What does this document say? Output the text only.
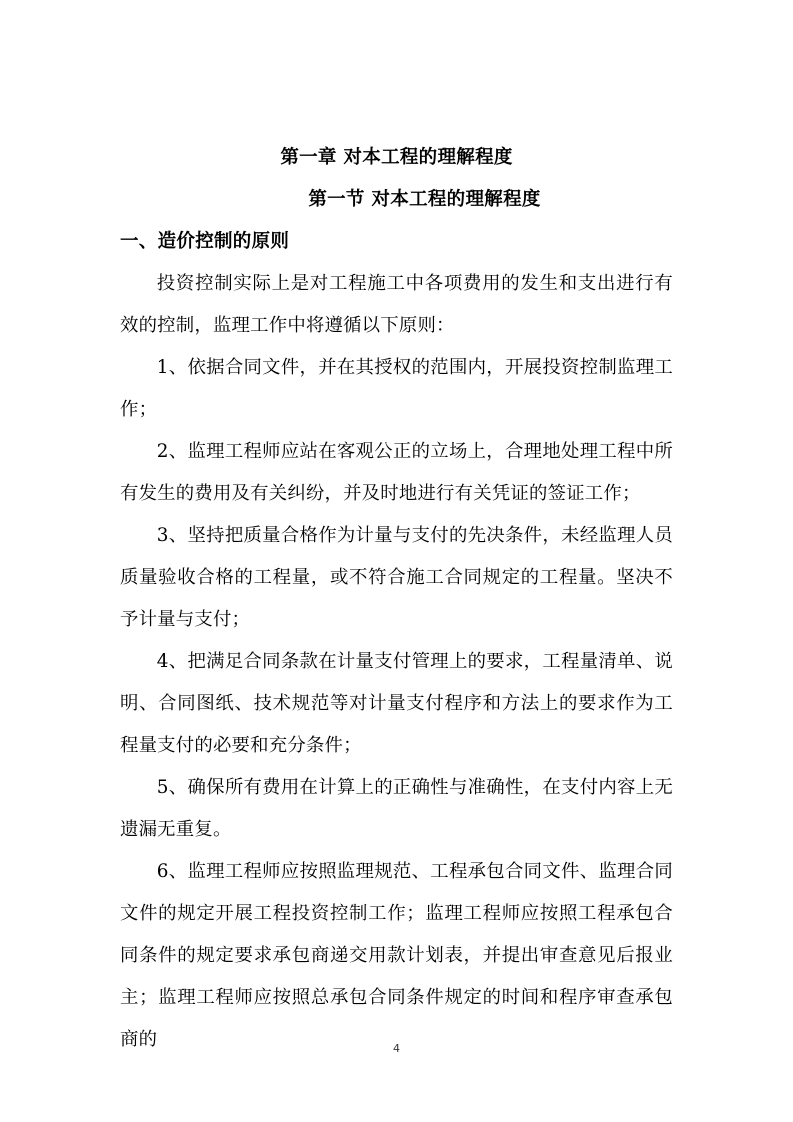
第一章 对本工程的理解程度
第一节 对本工程的理解程度
一、造价控制的原则

投资控制实际上是对工程施工中各项费用的发生和支出进行有效的控制，监理工作中将遵循以下原则：

1、依据合同文件，并在其授权的范围内，开展投资控制监理工作；

2、监理工程师应站在客观公正的立场上，合理地处理工程中所有发生的费用及有关纠纷，并及时地进行有关凭证的签证工作；

3、坚持把质量合格作为计量与支付的先决条件，未经监理人员质量验收合格的工程量，或不符合施工合同规定的工程量。坚决不予计量与支付；

4、把满足合同条款在计量支付管理上的要求，工程量清单、说明、合同图纸、技术规范等对计量支付程序和方法上的要求作为工程量支付的必要和充分条件；

5、确保所有费用在计算上的正确性与准确性，在支付内容上无遗漏无重复。

6、监理工程师应按照监理规范、工程承包合同文件、监理合同文件的规定开展工程投资控制工作；监理工程师应按照工程承包合同条件的规定要求承包商递交用款计划表，并提出审查意见后报业主；监理工程师应按照总承包合同条件规定的时间和程序审查承包商的	4
